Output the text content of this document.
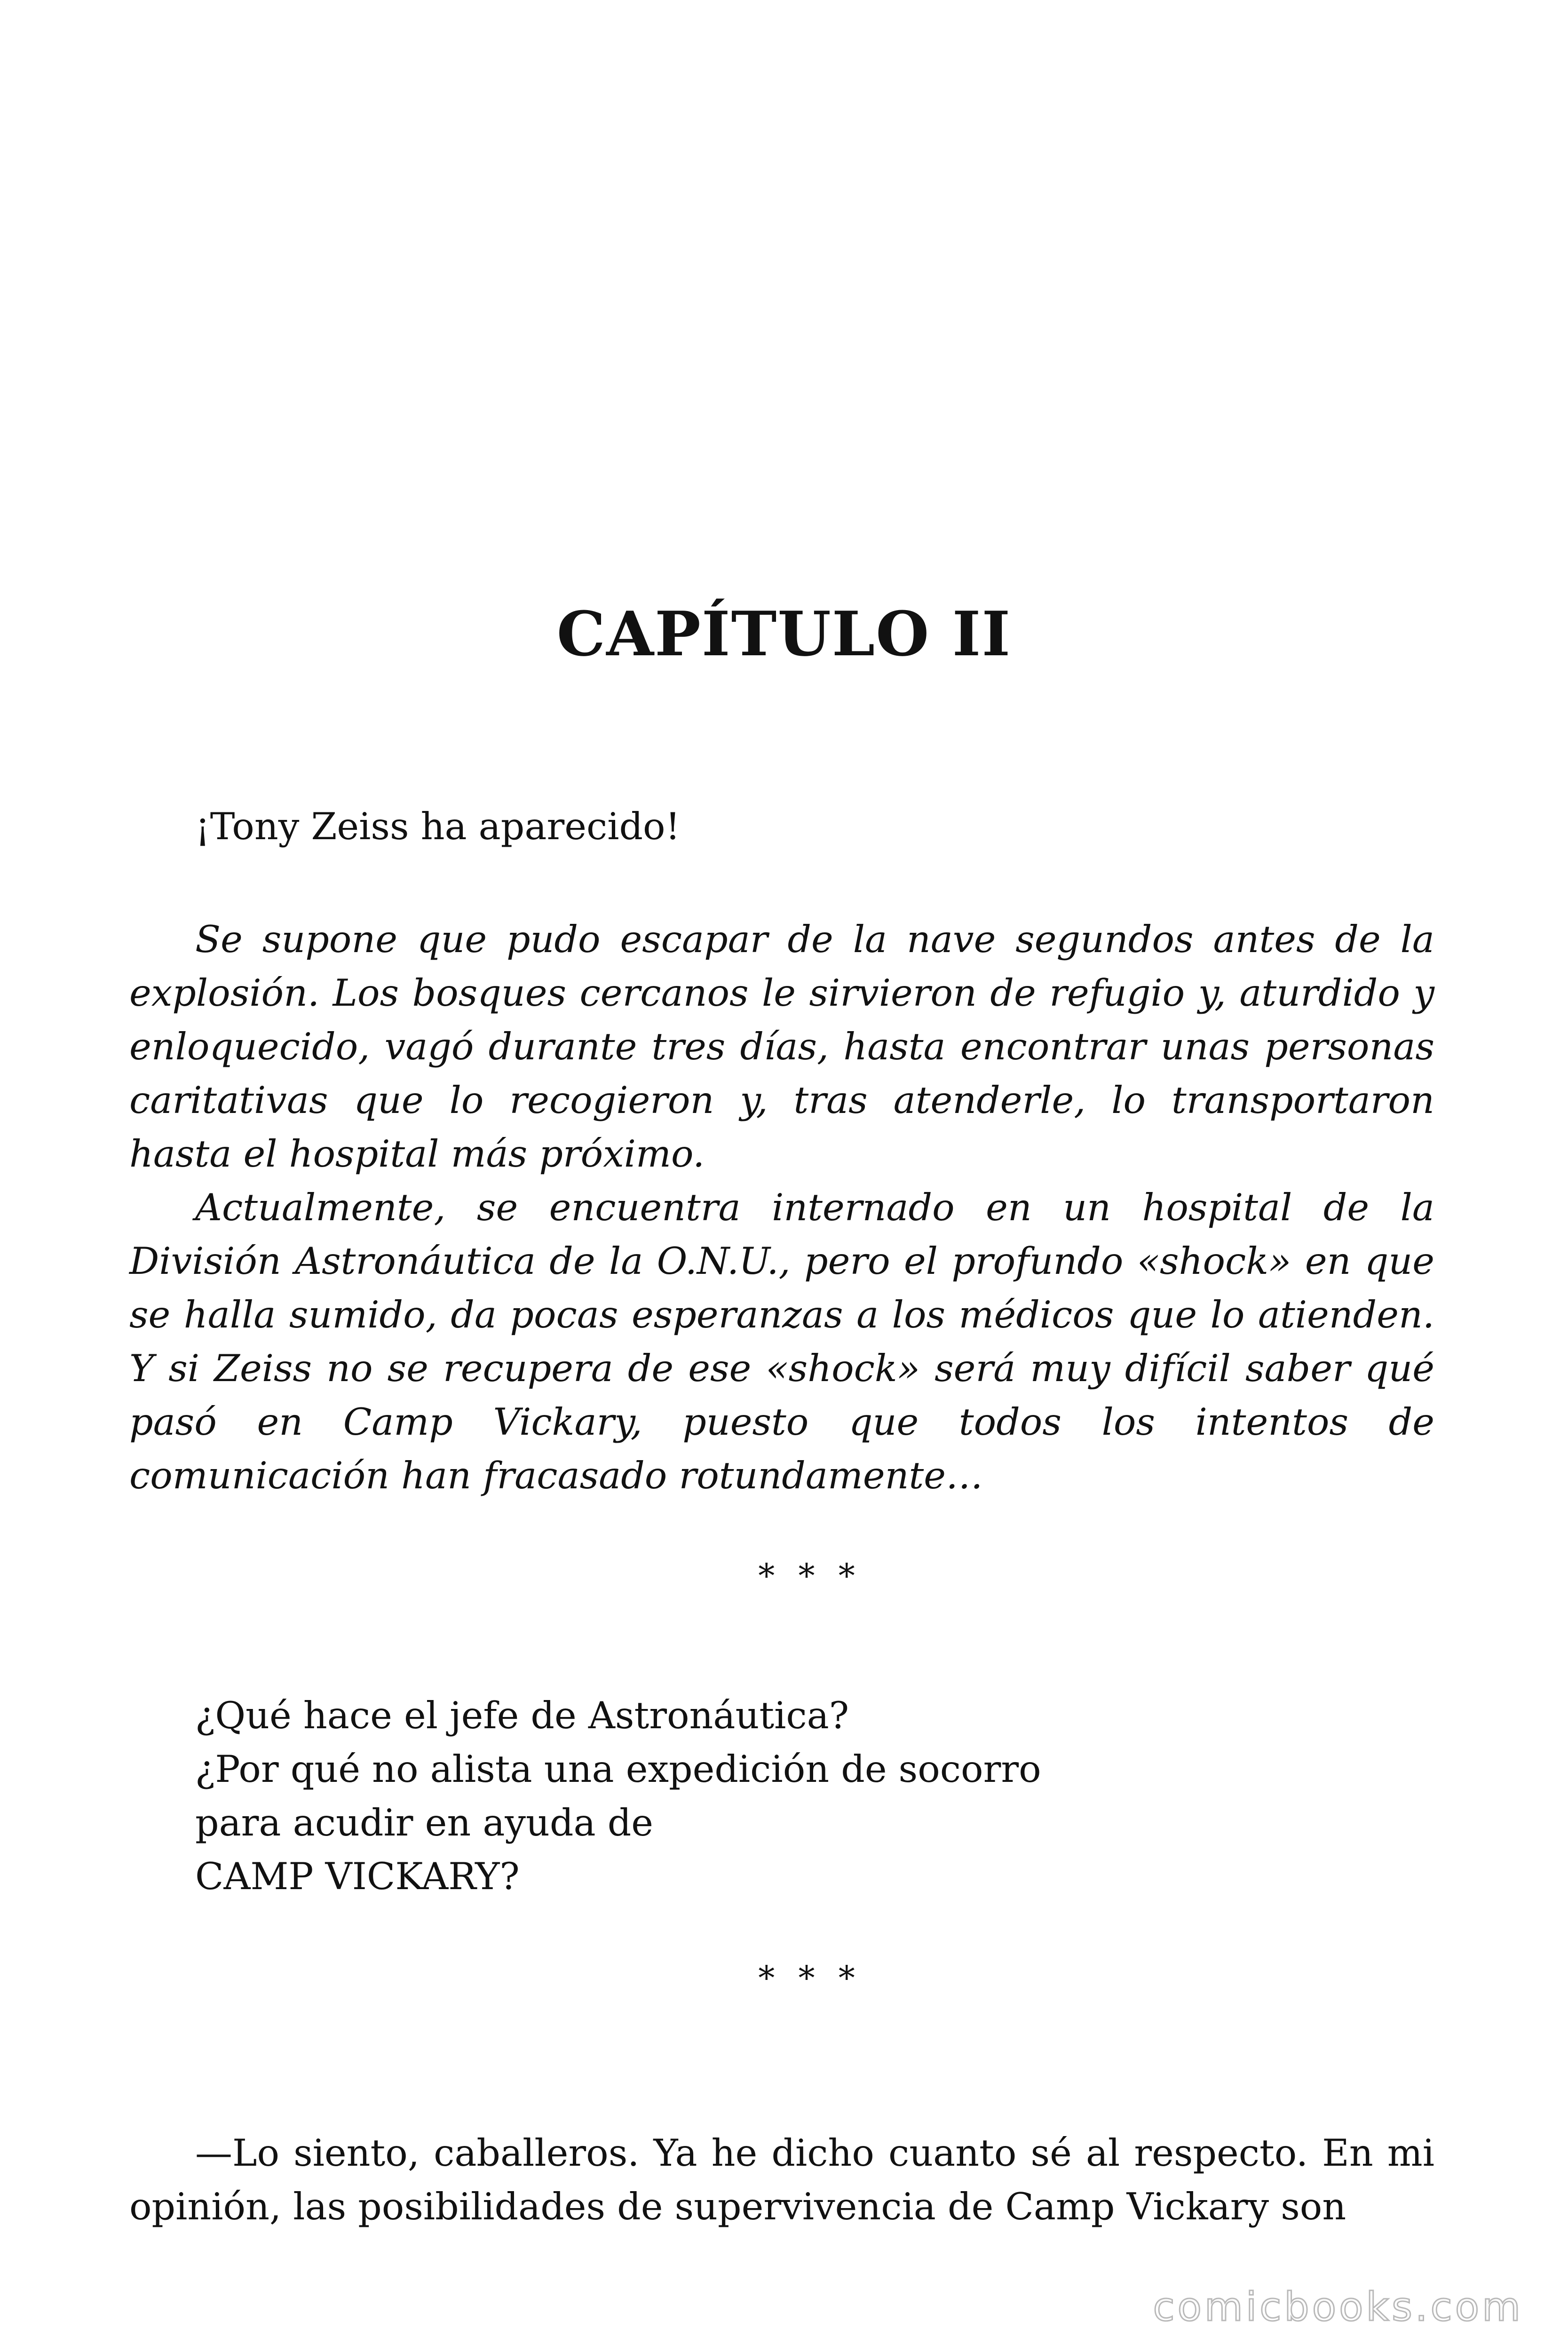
CAPÍTULO II

¡Tony Zeiss ha aparecido!

Se supone que pudo escapar de la nave segundos antes de la explosión. Los bosques cercanos le sirvieron de refugio y, aturdido y enloquecido, vagó durante tres días, hasta encontrar unas personas caritativas que lo recogieron y, tras atenderle, lo transportaron hasta el hospital más próximo.

Actualmente, se encuentra internado en un hospital de la División Astronáutica de la O.N.U., pero el profundo «shock» en que se halla sumido, da pocas esperanzas a los médicos que lo atienden. Y si Zeiss no se recupera de ese «shock» será muy difícil saber qué pasó en Camp Vickary, puesto que todos los intentos de comunicación han fracasado rotundamente…

* * *
¿Qué hace el jefe de Astronáutica?
¿Por qué no alista una expedición de socorro
para acudir en ayuda de
CAMP VICKARY?
* * *

—Lo siento, caballeros. Ya he dicho cuanto sé al respecto. En mi opinión, las posibilidades de supervivencia de Camp Vickary son

comicbooks.com
